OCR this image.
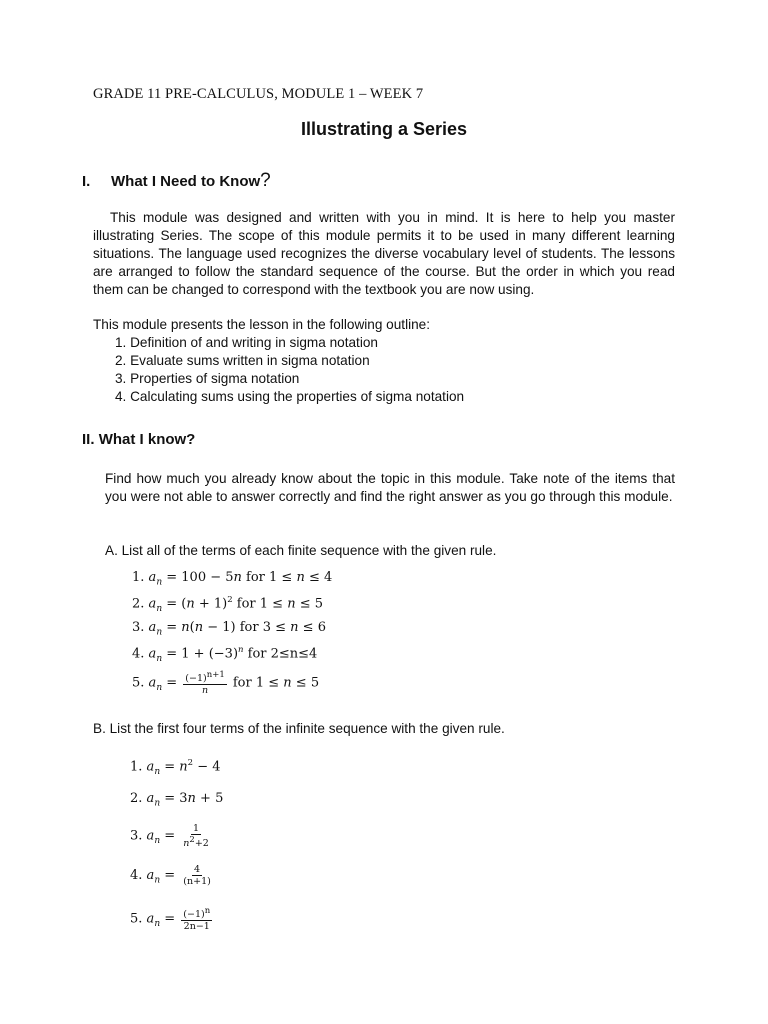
GRADE 11 PRE-CALCULUS, MODULE 1 – WEEK 7
Illustrating a Series
I. What I Need to Know?
This module was designed and written with you in mind. It is here to help you master illustrating Series. The scope of this module permits it to be used in many different learning situations. The language used recognizes the diverse vocabulary level of students. The lessons are arranged to follow the standard sequence of the course. But the order in which you read them can be changed to correspond with the textbook you are now using.
This module presents the lesson in the following outline:
1. Definition of and writing in sigma notation
2. Evaluate sums written in sigma notation
3. Properties of sigma notation
4. Calculating sums using the properties of sigma notation
II. What I know?
Find how much you already know about the topic in this module. Take note of the items that you were not able to answer correctly and find the right answer as you go through this module.
A. List all of the terms of each finite sequence with the given rule.
1. $a_n = 100 - 5n$ for 1 ≤ n ≤ 4
2. $a_n = (n + 1)^2$ for 1 ≤ n ≤ 5
3. $a_n = n(n - 1)$ for 3 ≤ n ≤ 6
4. $a_n = 1 + (-3)^n$ for 2≤n≤4
5. $a_n = \frac{(-1)^{n+1}}{n}$ for 1 ≤ n ≤ 5
B. List the first four terms of the infinite sequence with the given rule.
1. $a_n = n^2 - 4$
2. $a_n = 3n + 5$
3. $a_n = \frac{1}{n^2+2}$
4. $a_n = \frac{4}{(n+1)}$
5. $a_n = \frac{(-1)^n}{2n-1}$
